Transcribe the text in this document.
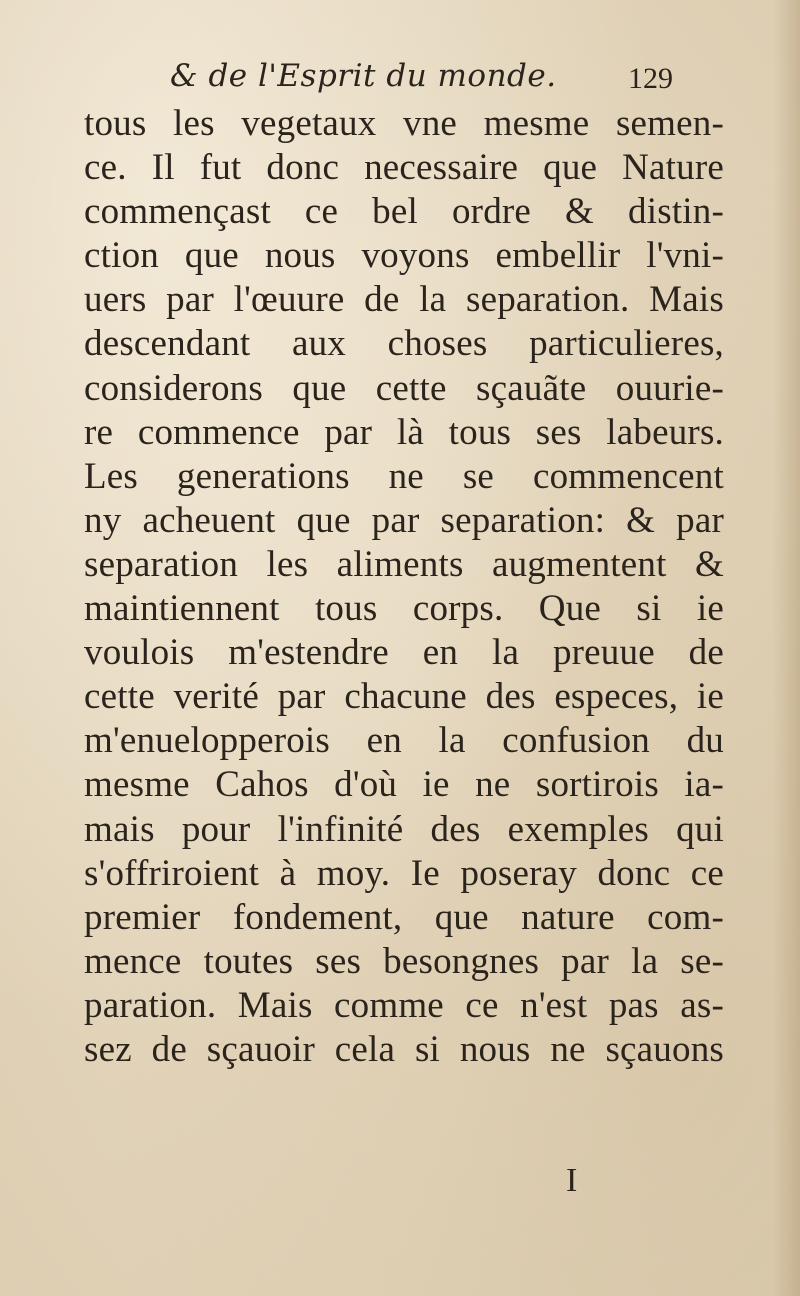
& de l'Esprit du monde. 129
tous les vegetaux vne mesme semen-
ce. Il fut donc necessaire que Nature
commençast ce bel ordre & distin-
ction que nous voyons embellir l'vni-
uers par l'œuure de la separation. Mais
descendant aux choses particulieres,
considerons que cette sçauãte ouurie-
re commence par là tous ses labeurs.
Les generations ne se commencent
ny acheuent que par separation: & par
separation les aliments augmentent &
maintiennent tous corps. Que si ie
voulois m'estendre en la preuue de
cette verité par chacune des especes, ie
m'enuelopperois en la confusion du
mesme Cahos d'où ie ne sortirois ia-
mais pour l'infinité des exemples qui
s'offriroient à moy. Ie poseray donc ce
premier fondement, que nature com-
mence toutes ses besongnes par la se-
paration. Mais comme ce n'est pas as-
sez de sçauoir cela si nous ne sçauons
I
